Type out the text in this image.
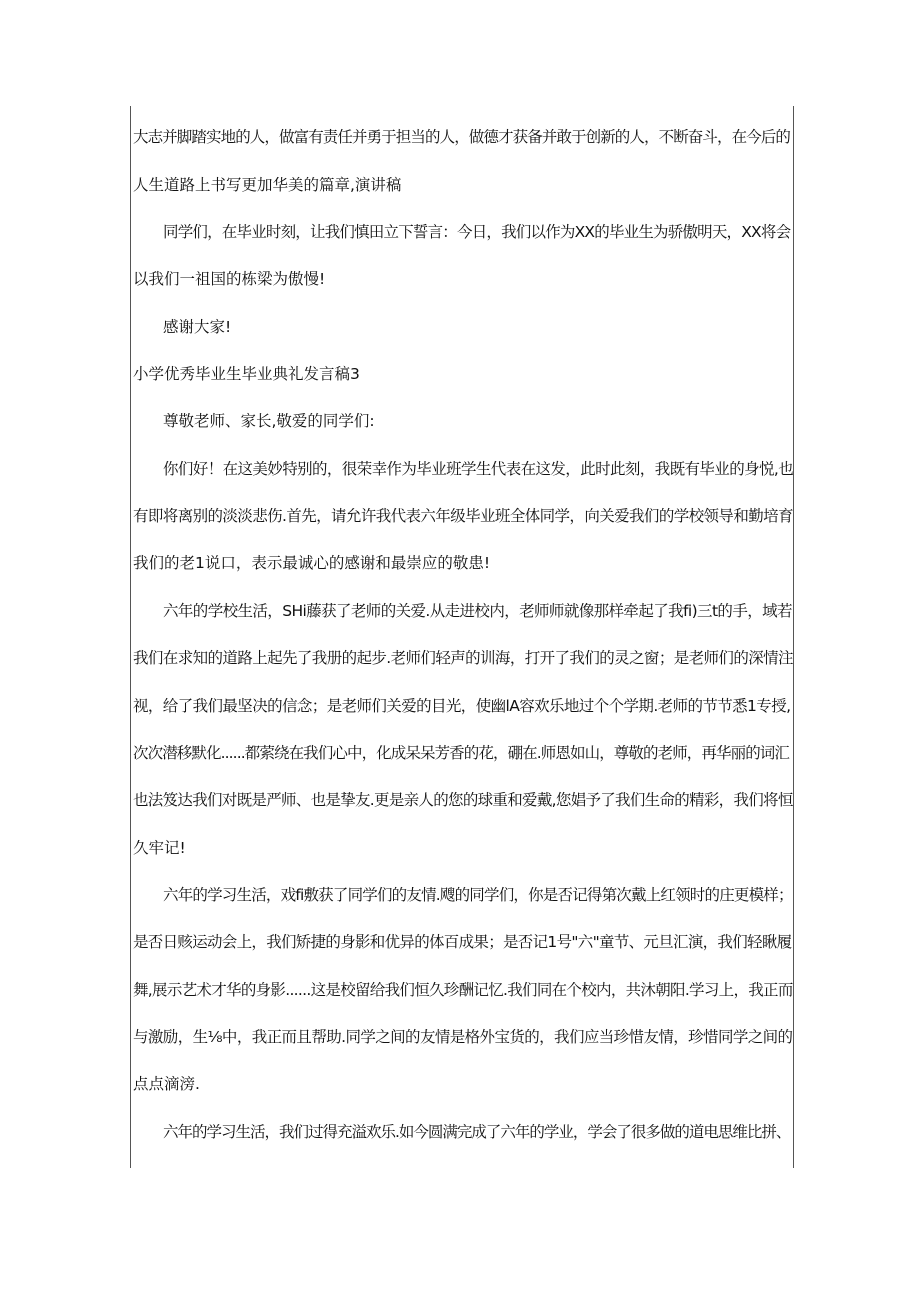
大志并脚踏实地的人，做富有责任并勇于担当的人，做德才获备并敢于创新的人，不断奋斗，在今后的
人生道路上书写更加华美的篇章,演讲稿
同学们，在毕业时刻，让我们慎田立下誓言：今日，我们以作为XX的毕业生为骄傲明天，XX将会
以我们一祖国的栋梁为傲慢!
感谢大家!
小学优秀毕业生毕业典礼发言稿3
尊敬老师、家长,敬爱的同学们:
你们好！在这美妙特别的，很荣幸作为毕业班学生代表在这发，此时此刻，我既有毕业的身悦,也
有即将离别的淡淡悲伤.首先，请允许我代表六年级毕业班全体同学，向关爱我们的学校领导和勤培育
我们的老1说口，表示最诚心的感谢和最崇应的敬患!
六年的学校生活，SHi藤获了老师的关爱.从走进校内，老师师就像那样牵起了我fi)三t的手，域若
我们在求知的道路上起先了我册的起步.老师们轻声的训海，打开了我们的灵之窗；是老师们的深情注
视，给了我们最坚决的信念；是老师们关爱的目光，使幽lA容欢乐地过个个学期.老师的节节悉1专授,
次次潜移默化......都萦绕在我们心中，化成呆呆芳香的花，硼在.师恩如山，尊敬的老师，再华丽的词汇
也法笈达我们对既是严师、也是挚友.更是亲人的您的球重和爱戴,您娼予了我们生命的精彩，我们将恒
久牢记!
六年的学习生活，戏fi敷获了同学们的友情.飕的同学们，你是否记得第次戴上红领时的庄更模样；
是否日赅运动会上，我们矫捷的身影和优异的体百成果；是否记1号"六"童节、元旦汇演，我们轻瞅履
舞,展示艺术才华的身影......这是校留给我们恒久珍酬记忆.我们同在个校内，共沐朝阳.学习上，我正而
与激励，生⅛中，我正而且帮助.同学之间的友情是格外宝货的，我们应当珍惜友情，珍惜同学之间的
点点滴滂.
六年的学习生活，我们过得充溢欢乐.如今圆满完成了六年的学业，学会了很多做的道电思维比拼、
